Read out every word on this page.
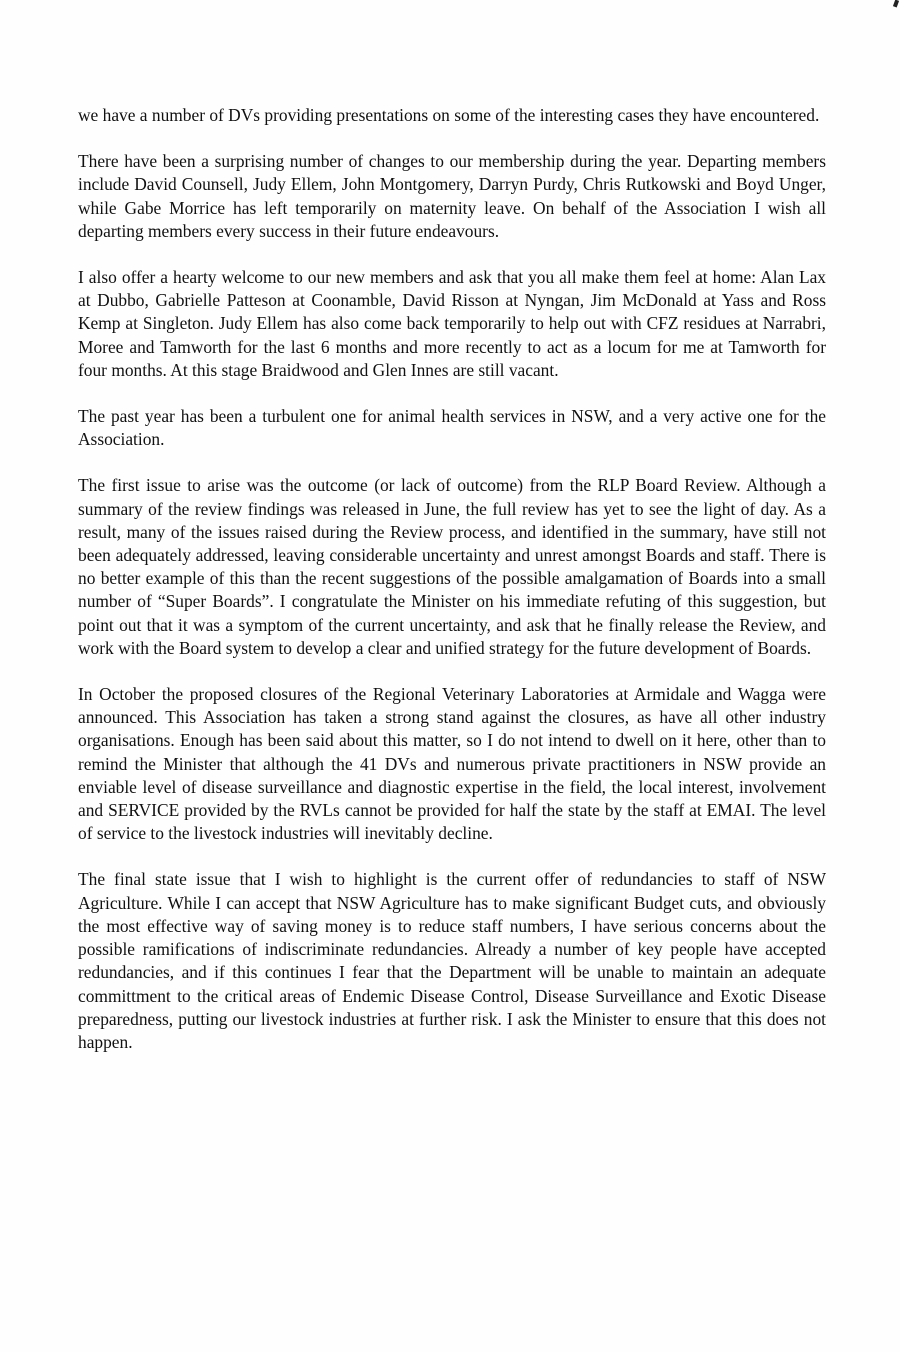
we have a number of DVs providing presentations on some of the interesting cases they have encountered.

There have been a surprising number of changes to our membership during the year. Departing members include David Counsell, Judy Ellem, John Montgomery, Darryn Purdy, Chris Rutkowski and Boyd Unger, while Gabe Morrice has left temporarily on maternity leave. On behalf of the Association I wish all departing members every success in their future endeavours.

I also offer a hearty welcome to our new members and ask that you all make them feel at home: Alan Lax at Dubbo, Gabrielle Patteson at Coonamble, David Risson at Nyngan, Jim McDonald at Yass and Ross Kemp at Singleton. Judy Ellem has also come back temporarily to help out with CFZ residues at Narrabri, Moree and Tamworth for the last 6 months and more recently to act as a locum for me at Tamworth for four months. At this stage Braidwood and Glen Innes are still vacant.

The past year has been a turbulent one for animal health services in NSW, and a very active one for the Association.

The first issue to arise was the outcome (or lack of outcome) from the RLP Board Review. Although a summary of the review findings was released in June, the full review has yet to see the light of day. As a result, many of the issues raised during the Review process, and identified in the summary, have still not been adequately addressed, leaving considerable uncertainty and unrest amongst Boards and staff. There is no better example of this than the recent suggestions of the possible amalgamation of Boards into a small number of “Super Boards”. I congratulate the Minister on his immediate refuting of this suggestion, but point out that it was a symptom of the current uncertainty, and ask that he finally release the Review, and work with the Board system to develop a clear and unified strategy for the future development of Boards.

In October the proposed closures of the Regional Veterinary Laboratories at Armidale and Wagga were announced. This Association has taken a strong stand against the closures, as have all other industry organisations. Enough has been said about this matter, so I do not intend to dwell on it here, other than to remind the Minister that although the 41 DVs and numerous private practitioners in NSW provide an enviable level of disease surveillance and diagnostic expertise in the field, the local interest, involvement and SERVICE provided by the RVLs cannot be provided for half the state by the staff at EMAI. The level of service to the livestock industries will inevitably decline.

The final state issue that I wish to highlight is the current offer of redundancies to staff of NSW Agriculture. While I can accept that NSW Agriculture has to make significant Budget cuts, and obviously the most effective way of saving money is to reduce staff numbers, I have serious concerns about the possible ramifications of indiscriminate redundancies. Already a number of key people have accepted redundancies, and if this continues I fear that the Department will be unable to maintain an adequate committment to the critical areas of Endemic Disease Control, Disease Surveillance and Exotic Disease preparedness, putting our livestock industries at further risk. I ask the Minister to ensure that this does not happen.
